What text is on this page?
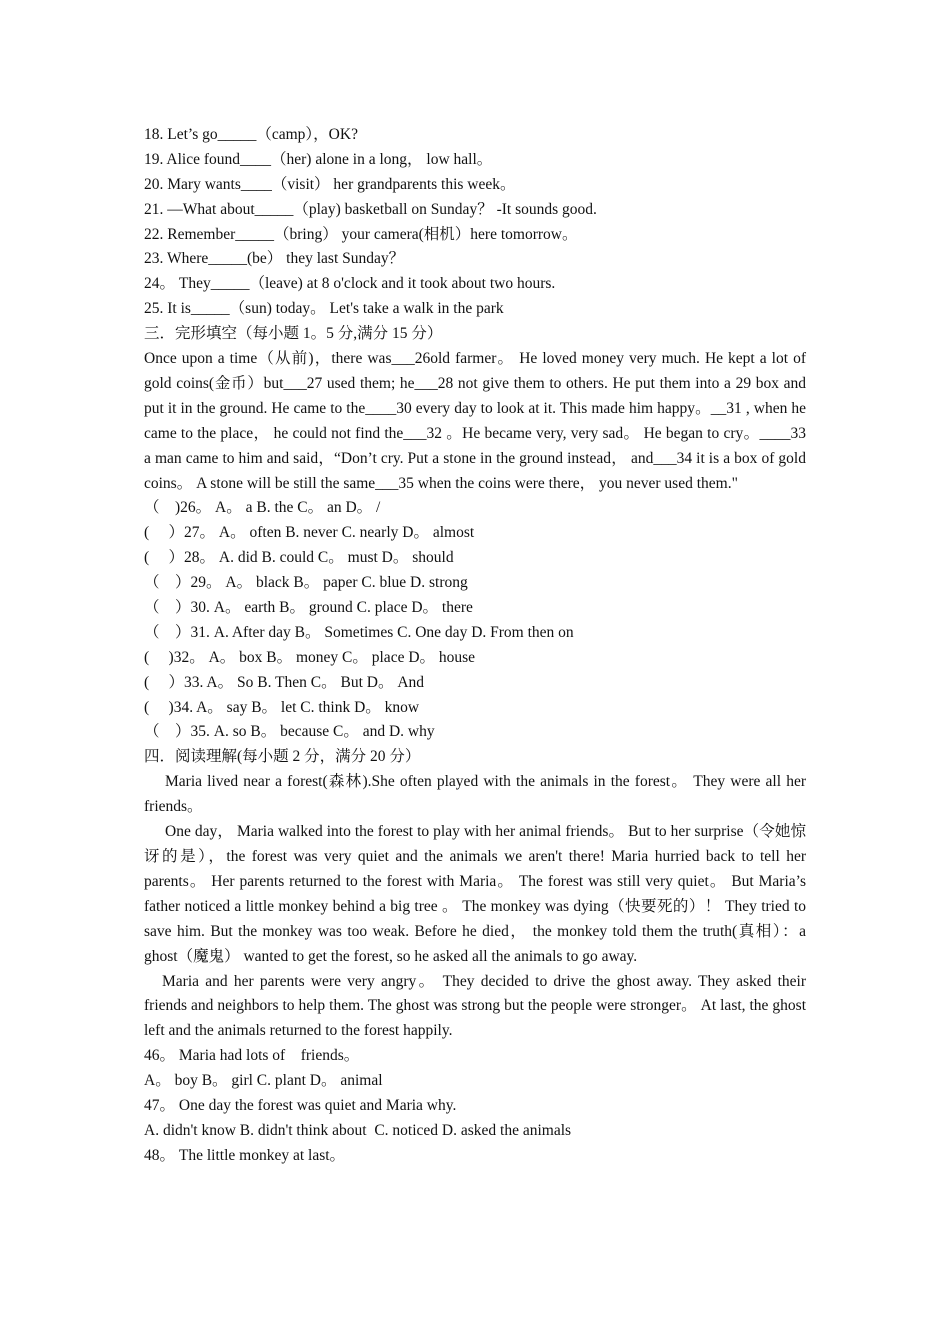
18. Let’s go_____（camp），OK?
19. Alice found____（her) alone in a long， low hall。
20. Mary wants____（visit） her grandparents this week。
21. —What about_____（play) basketball on Sunday？ -It sounds good.
22. Remember_____（bring） your camera(相机）here tomorrow。
23. Where_____(be） they last Sunday？
24。 They_____（leave) at 8 o'clock and it took about two hours.
25. It is_____（sun) today。 Let's take a walk in the park
三．完形填空（每小题 1。5 分,满分 15 分）

Once upon a time（从前)，there was___26old farmer。 He loved money very much. He kept a lot of gold coins(金币）but___27 used them; he___28 not give them to others. He put them into a 29 box and put it in the ground. He came to the____30 every day to look at it. This made him happy。__31 , when he came to the place， he could not find the___32 。He became very, very sad。 He began to cry。____33 a man came to him and said，“Don’t cry. Put a stone in the ground instead， and___34 it is a box of gold coins。 A stone will be still the same___35 when the coins were there， you never used them."

（    )26。 A。 a B. the C。 an D。 /
(     ）27。 A。 often B. never C. nearly D。 almost
(     ）28。 A. did B. could C。 must D。 should
（    ）29。 A。 black B。 paper C. blue D. strong
（    ）30. A。 earth B。 ground C. place D。 there
（    ）31. A. After day B。 Sometimes C. One day D. From then on
(     )32。 A。 box B。 money C。 place D。 house
(     ）33. A。 So B. Then C。 But D。 And
(     )34. A。 say B。 let C. think D。 know
（    ）35. A. so B。 because C。 and D. why
四．阅读理解(每小题 2 分，满分 20 分）

Maria lived near a forest(森林).She often played with the animals in the forest。 They were all her friends。

One day， Maria walked into the forest to play with her animal friends。 But to her surprise（令她惊讶的是），the forest was very quiet and the animals we aren't there! Maria hurried back to tell her parents。 Her parents returned to the forest with Maria。 The forest was still very quiet。 But Maria’s father noticed a little monkey behind a big tree 。 The monkey was dying（快要死的）！ They tried to save him. But the monkey was too weak. Before he died， the monkey told them the truth(真相）：a ghost（魔鬼） wanted to get the forest, so he asked all the animals to go away.

Maria and her parents were very angry。 They decided to drive the ghost away. They asked their friends and neighbors to help them. The ghost was strong but the people were stronger。 At last, the ghost left and the animals returned to the forest happily.

46。 Maria had lots of    friends。
A。 boy B。 girl C. plant D。 animal
47。 One day the forest was quiet and Maria why.
A. didn't know B. didn't think about  C. noticed D. asked the animals
48。 The little monkey at last。
